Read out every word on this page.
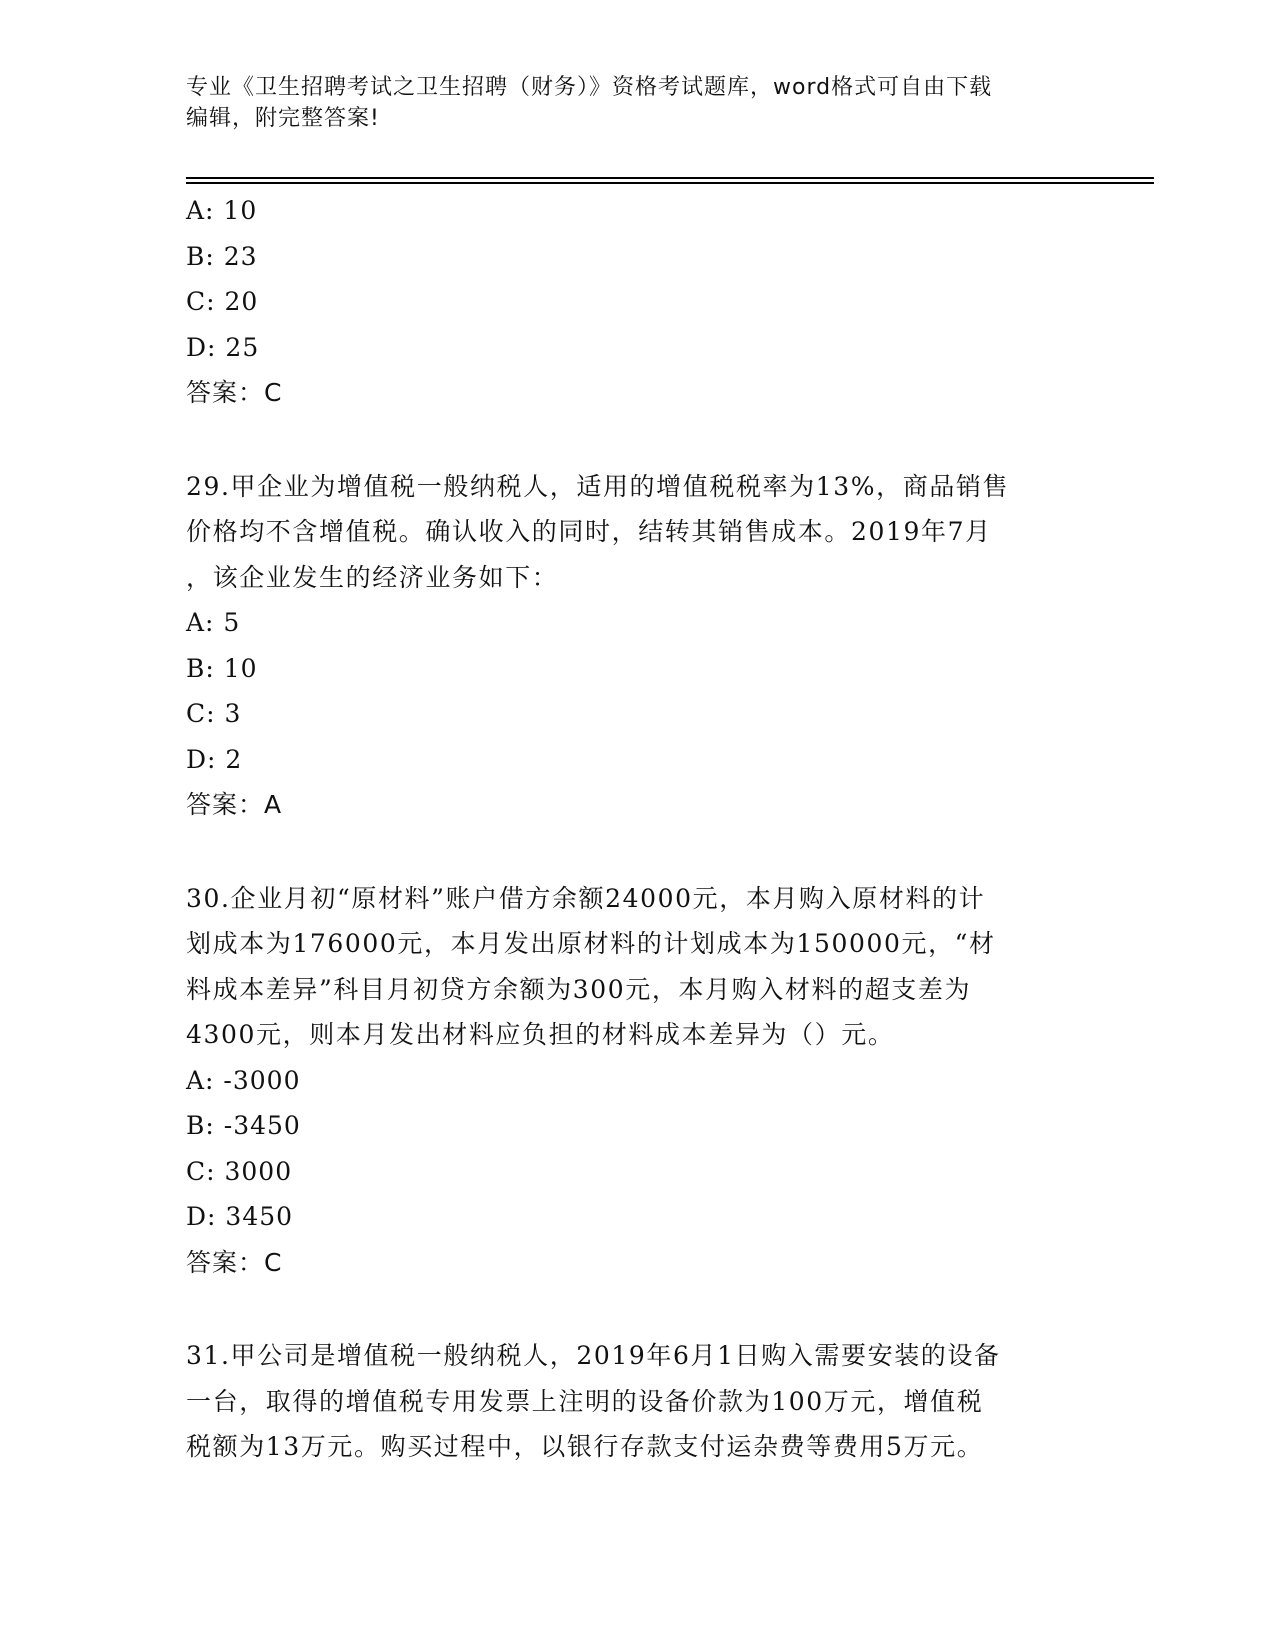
专业《卫生招聘考试之卫生招聘（财务）》资格考试题库，word格式可自由下载
编辑，附完整答案!
A: 10
B: 23
C: 20
D: 25
答案：C
29.甲企业为增值税一般纳税人，适用的增值税税率为13%，商品销售
价格均不含增值税。确认收入的同时，结转其销售成本。2019年7月
，该企业发生的经济业务如下：
A: 5
B: 10
C: 3
D: 2
答案：A
30.企业月初“原材料”账户借方余额24000元，本月购入原材料的计
划成本为176000元，本月发出原材料的计划成本为150000元，“材
料成本差异”科目月初贷方余额为300元，本月购入材料的超支差为
4300元，则本月发出材料应负担的材料成本差异为（）元。
A: -3000
B: -3450
C: 3000
D: 3450
答案：C
31.甲公司是增值税一般纳税人，2019年6月1日购入需要安装的设备
一台，取得的增值税专用发票上注明的设备价款为100万元，增值税
税额为13万元。购买过程中，以银行存款支付运杂费等费用5万元。
